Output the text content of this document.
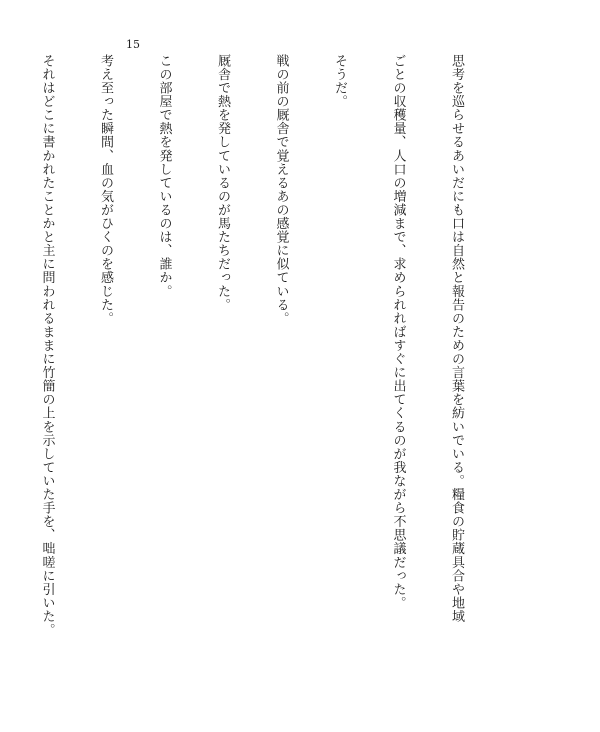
15

思考を巡らせるあいだにも口は自然と報告のための言葉を紡いでいる。糧食の貯蔵具合や地域

ごとの収穫量、人口の増減まで、求められればすぐに出てくるのが我ながら不思議だった。

そうだ。

戦の前の厩舎で覚えるあの感覚に似ている。

厩舎で熱を発しているのが馬たちだった。

この部屋で熱を発しているのは、誰か。

考え至った瞬間、血の気がひくのを感じた。

それはどこに書かれたことかと主に問われるままに竹簡の上を示していた手を、咄嗟に引いた。
